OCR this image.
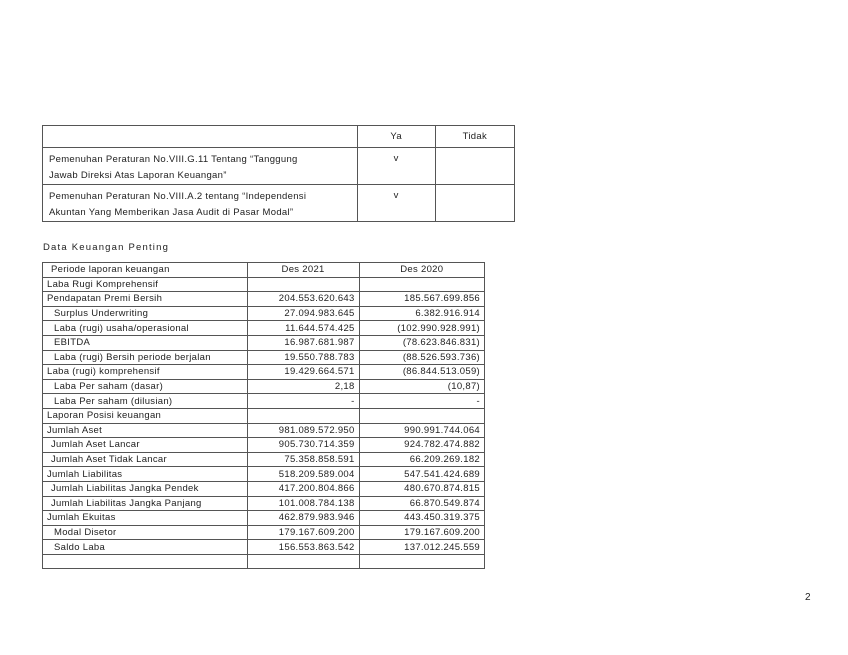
	Ya	Tidak

Pemenuhan Peraturan No.VIII.G.11 Tentang “Tanggung
Jawab Direksi Atas Laporan Keuangan”	v	

Pemenuhan Peraturan No.VIII.A.2 tentang “Independensi
Akuntan Yang Memberikan Jasa Audit di Pasar Modal”	v	
Data Keuangan Penting
Periode laporan keuangan	Des 2021	Des 2020
Laba Rugi Komprehensif		
Pendapatan Premi Bersih	204.553.620.643	185.567.699.856
Surplus Underwriting	27.094.983.645	6.382.916.914
Laba (rugi) usaha/operasional	11.644.574.425	(102.990.928.991)
EBITDA	16.987.681.987	(78.623.846.831)
Laba (rugi) Bersih periode berjalan	19.550.788.783	(88.526.593.736)
Laba (rugi) komprehensif	19.429.664.571	(86.844.513.059)
Laba Per saham (dasar)	2,18	(10,87)
Laba Per saham (dilusian)	-	-
Laporan Posisi keuangan		
Jumlah Aset	981.089.572.950	990.991.744.064
Jumlah Aset Lancar	905.730.714.359	924.782.474.882
Jumlah Aset Tidak Lancar	75.358.858.591	66.209.269.182
Jumlah Liabilitas	518.209.589.004	547.541.424.689
Jumlah Liabilitas Jangka Pendek	417.200.804.866	480.670.874.815
Jumlah Liabilitas Jangka Panjang	101.008.784.138	66.870.549.874
Jumlah Ekuitas	462.879.983.946	443.450.319.375
Modal Disetor	179.167.609.200	179.167.609.200
Saldo Laba	156.553.863.542	137.012.245.559

2
